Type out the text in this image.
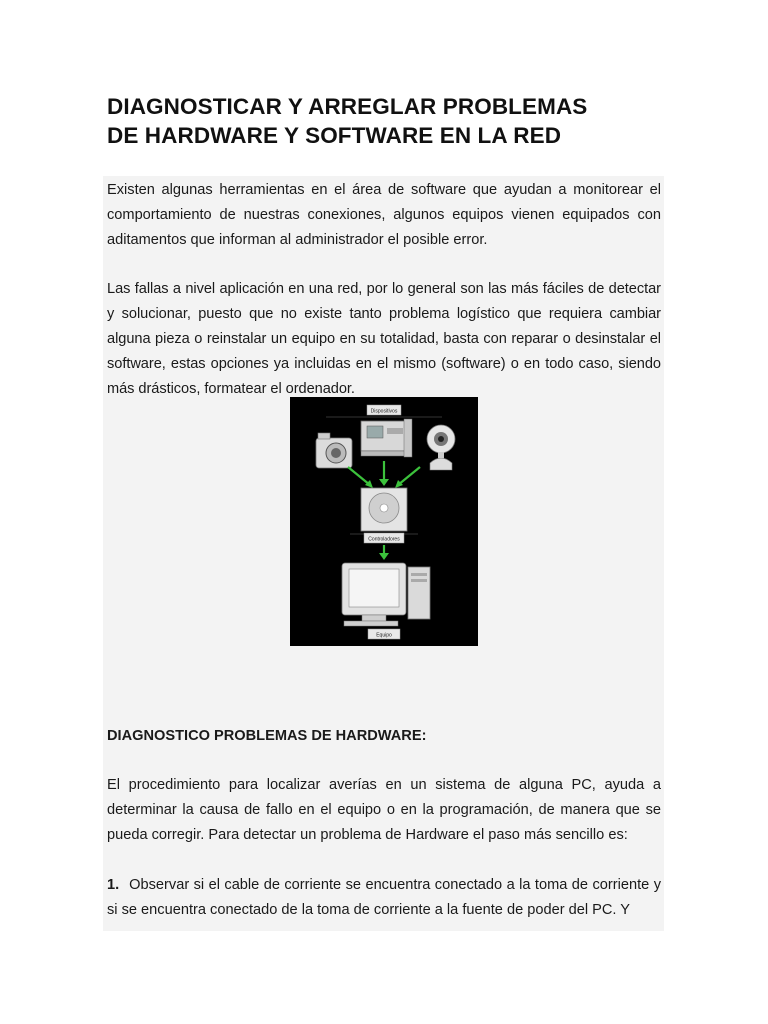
DIAGNOSTICAR Y ARREGLAR PROBLEMAS
DE HARDWARE Y SOFTWARE EN LA RED

Existen algunas herramientas en el área de software que ayudan a monitorear el comportamiento de nuestras conexiones, algunos equipos vienen equipados con aditamentos que informan al administrador el posible error.

Las fallas a nivel aplicación en una red, por lo general son las más fáciles de detectar y solucionar, puesto que no existe tanto problema logístico que requiera cambiar alguna pieza o reinstalar un equipo en su totalidad, basta con reparar o desinstalar el software, estas opciones ya incluidas en el mismo (software) o en todo caso, siendo más drásticos, formatear el ordenador.

Dispositivos
Controladores
Equipo

DIAGNOSTICO PROBLEMAS DE HARDWARE:

El procedimiento para localizar averías en un sistema de alguna PC, ayuda a determinar la causa de fallo en el equipo o en la programación, de manera que se pueda corregir. Para detectar un problema de Hardware el paso más sencillo es:

1. Observar si el cable de corriente se encuentra conectado a la toma de corriente y si se encuentra conectado de la toma de corriente a la fuente de poder del PC. Y
